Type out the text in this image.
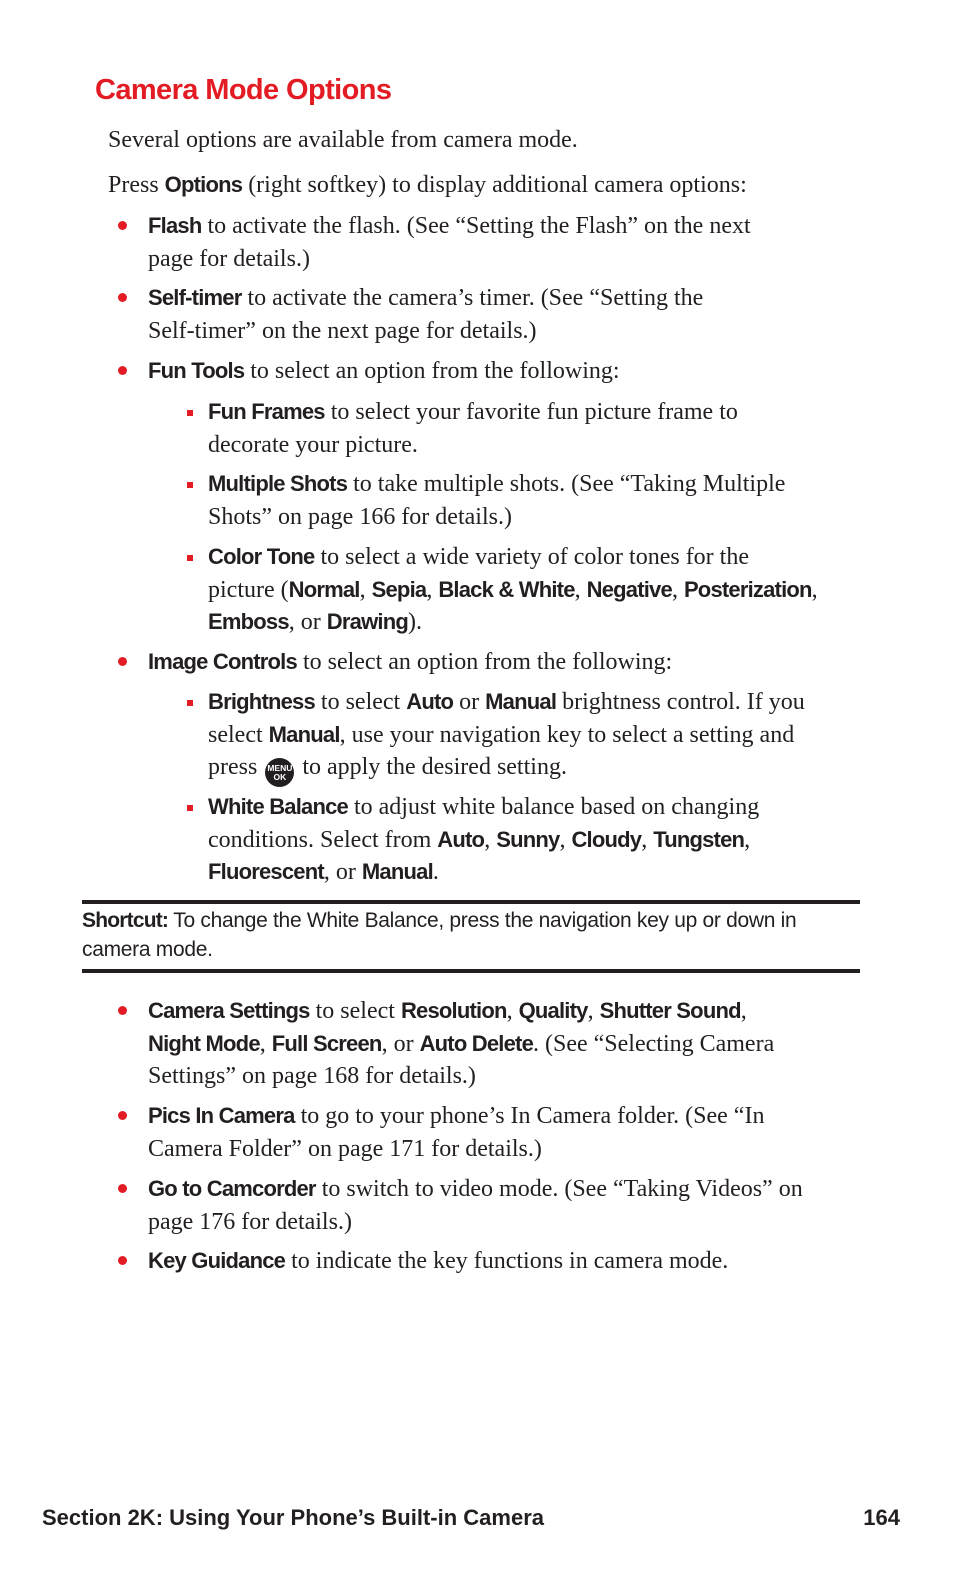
Camera Mode Options
Several options are available from camera mode.
Press Options (right softkey) to display additional camera options:
Flash to activate the flash. (See “Setting the Flash” on the next
page for details.)
Self-timer to activate the camera’s timer. (See “Setting the
Self-timer” on the next page for details.)
Fun Tools to select an option from the following:
Fun Frames to select your favorite fun picture frame to
decorate your picture.
Multiple Shots to take multiple shots. (See “Taking Multiple
Shots” on page 166 for details.)
Color Tone to select a wide variety of color tones for the
picture (Normal, Sepia, Black & White, Negative, Posterization,
Emboss, or Drawing).
Image Controls to select an option from the following:
Brightness to select Auto or Manual brightness control. If you
select Manual, use your navigation key to select a setting and
press MENU
OK to apply the desired setting.
White Balance to adjust white balance based on changing
conditions. Select from Auto, Sunny, Cloudy, Tungsten,
Fluorescent, or Manual.
Shortcut: To change the White Balance, press the navigation key up or down in
camera mode.
Camera Settings to select Resolution, Quality, Shutter Sound,
Night Mode, Full Screen, or Auto Delete. (See “Selecting Camera
Settings” on page 168 for details.)
Pics In Camera to go to your phone’s In Camera folder. (See “In
Camera Folder” on page 171 for details.)
Go to Camcorder to switch to video mode. (See “Taking Videos” on
page 176 for details.)
Key Guidance to indicate the key functions in camera mode.
Section 2K: Using Your Phone’s Built-in Camera	164
